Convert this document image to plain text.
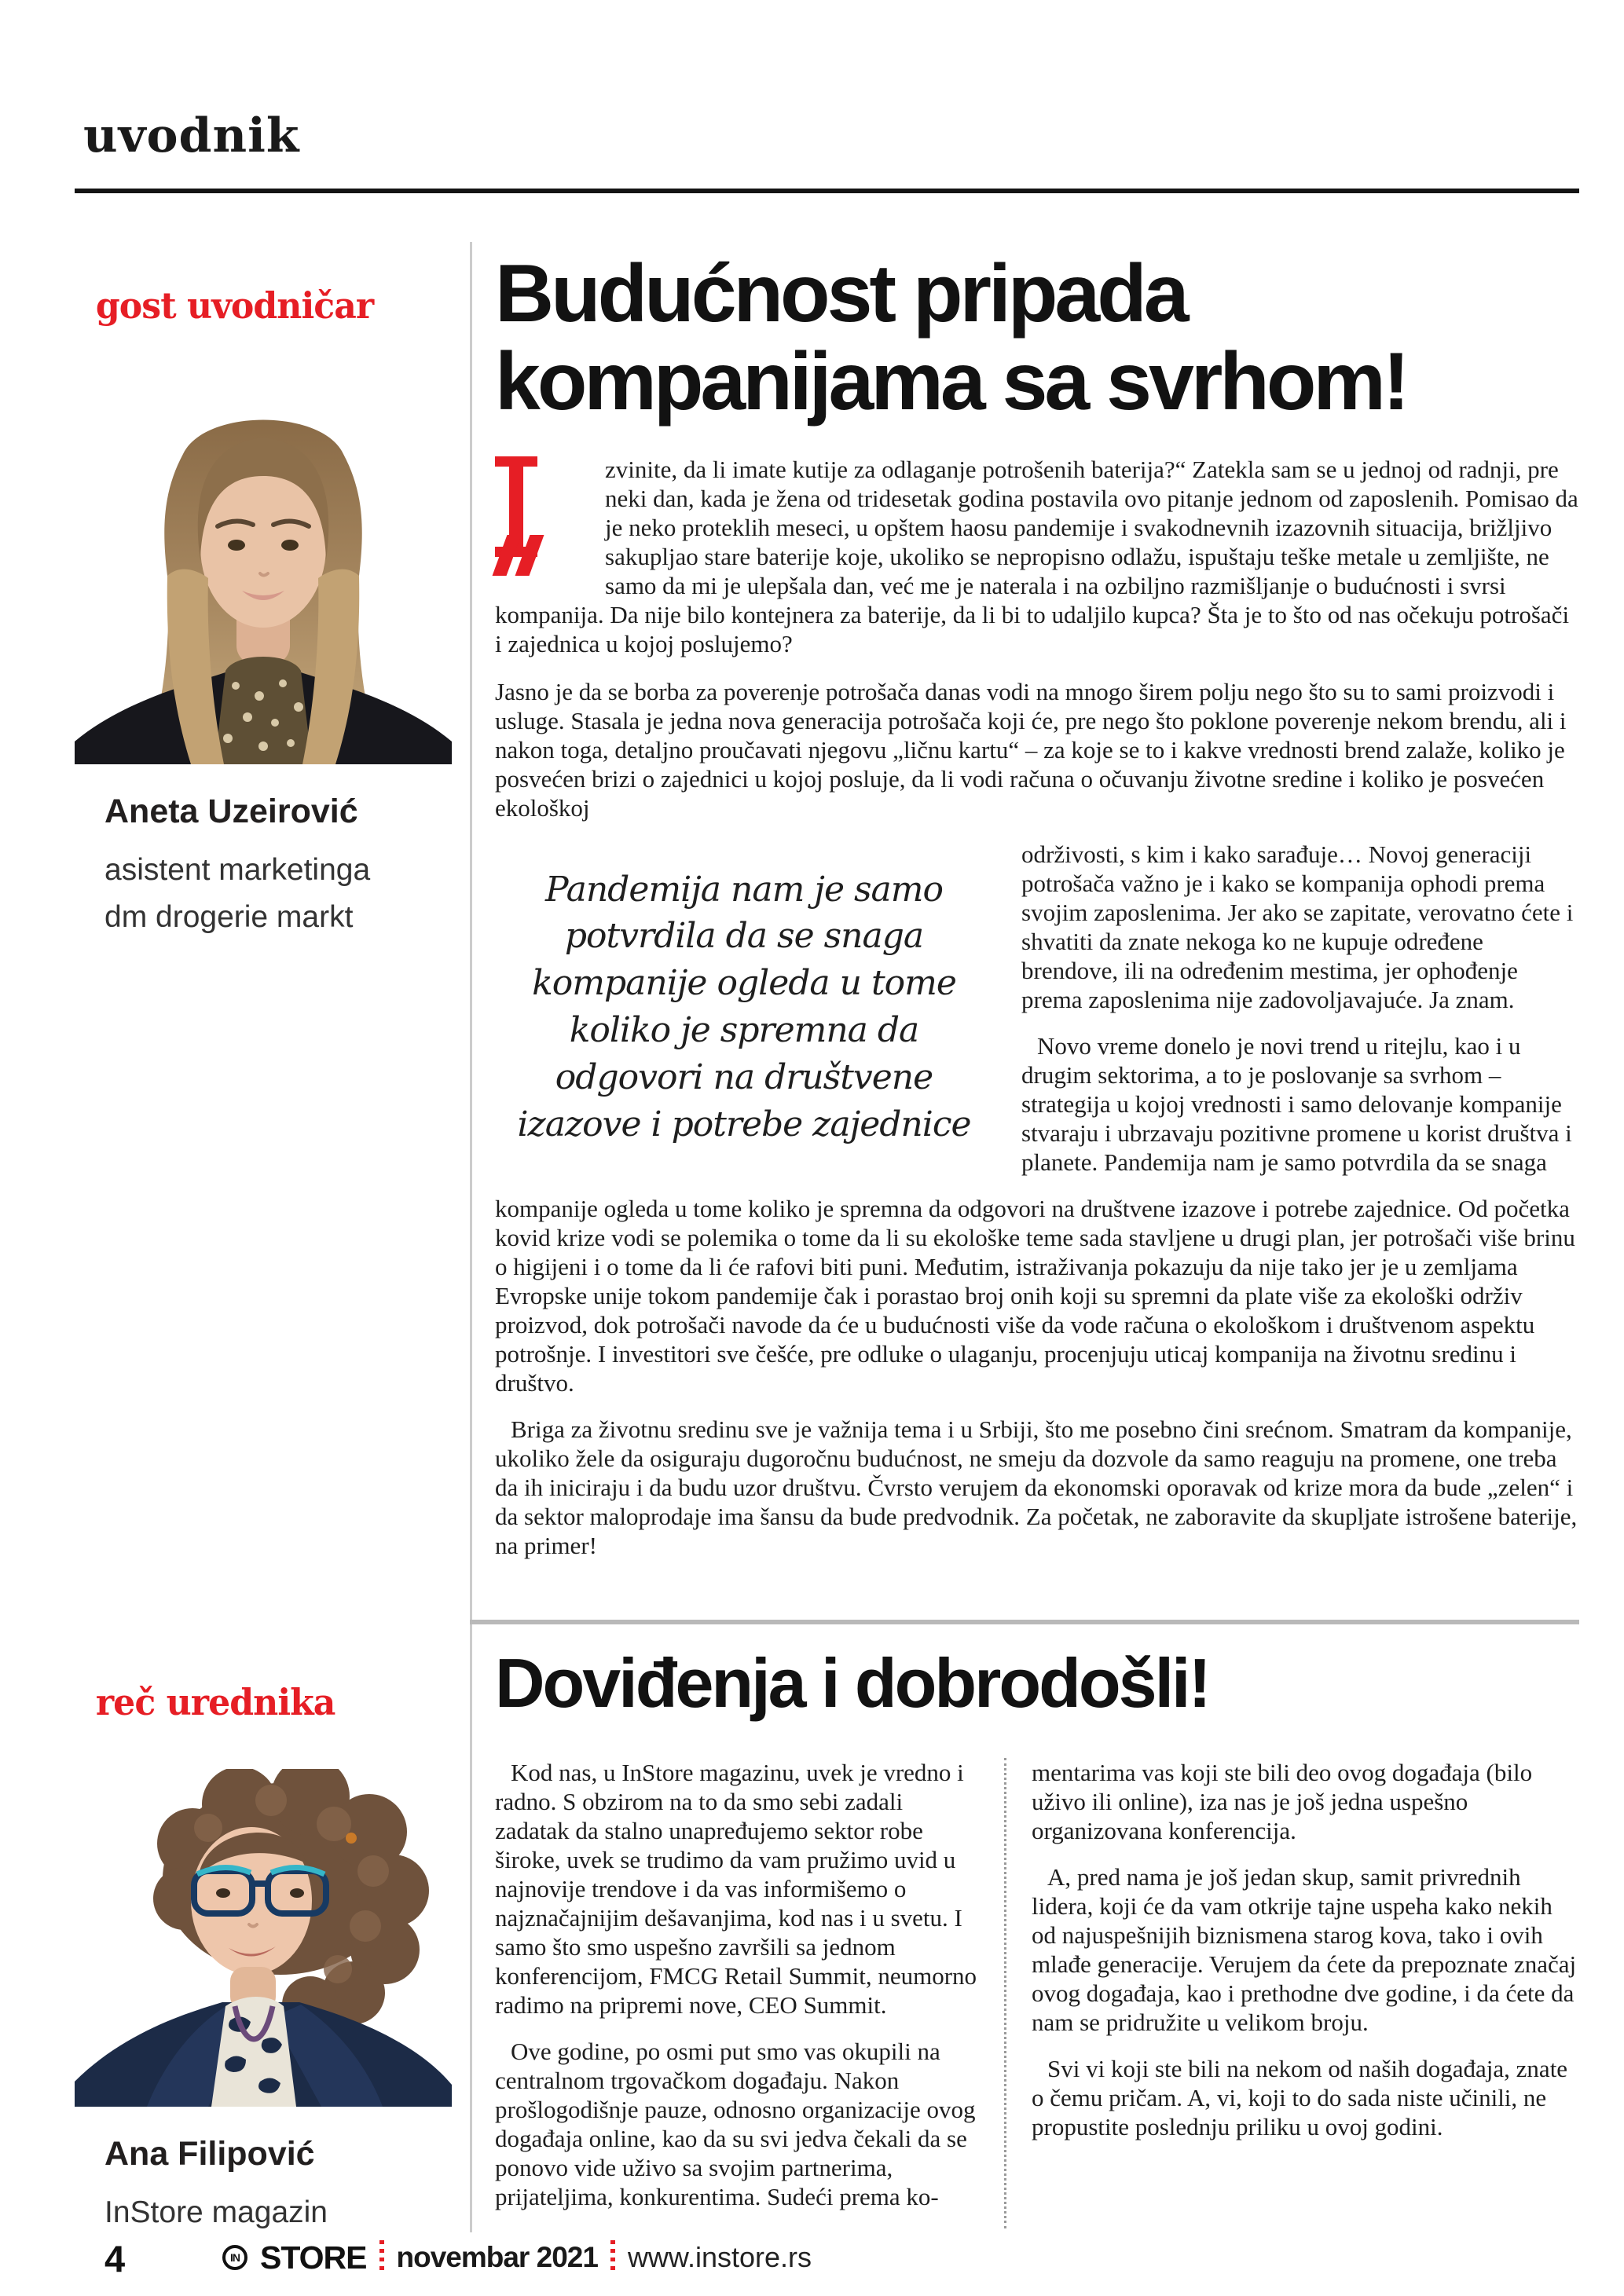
uvodnik
gost uvodničar
Aneta Uzeirović
asistent marketinga
dm drogerie markt
Budućnost pripada
kompanijama sa svrhom!

zvinite, da li imate kutije za odlaganje potrošenih baterija?“ Zatekla sam se u jednoj od radnji, pre neki dan, kada je žena od tridesetak godina postavila ovo pitanje jednom od zaposlenih. Pomisao da je neko proteklih meseci, u opštem haosu pandemije i svakodnevnih izazovnih situacija, brižljivo sakupljao stare baterije koje, ukoliko se nepropisno odlažu, ispuštaju teške metale u zemljište, ne samo da mi je ulepšala dan, već me je naterala i na ozbiljno razmišljanje o budućnosti i svrsi kompanija. Da nije bilo kontejnera za baterije, da li bi to udaljilo kupca? Šta je to što od nas očekuju potrošači i zajednica u kojoj poslujemo?

Jasno je da se borba za poverenje potrošača danas vodi na mnogo širem polju nego što su to sami proizvodi i usluge. Stasala je jedna nova generacija potrošača koji će, pre nego što poklone poverenje nekom brendu, ali i nakon toga, detaljno proučavati njegovu „ličnu kartu“ – za koje se to i kakve vrednosti brend zalaže, koliko je posvećen brizi o zajednici u kojoj posluje, da li vodi računa o očuvanju životne sredine i koliko je posvećen ekološkoj

Pandemija nam je samo potvrdila da se snaga kompanije ogleda u tome koliko je spremna da odgovori na društvene izazove i potrebe zajednice

održivosti, s kim i kako sarađuje… Novoj generaciji potrošača važno je i kako se kompanija ophodi prema svojim zaposlenima. Jer ako se zapitate, verovatno ćete i shvatiti da znate nekoga ko ne kupuje određene brendove, ili na određenim mestima, jer ophođenje prema zaposlenima nije zadovoljavajuće. Ja znam.

Novo vreme donelo je novi trend u ritejlu, kao i u drugim sektorima, a to je poslovanje sa svrhom – strategija u kojoj vrednosti i samo delovanje kompanije stvaraju i ubrzavaju pozitivne promene u korist društva i planete. Pandemija nam je samo potvrdila da se snaga

kompanije ogleda u tome koliko je spremna da odgovori na društvene izazove i potrebe zajednice. Od početka kovid krize vodi se polemika o tome da li su ekološke teme sada stavljene u drugi plan, jer potrošači više brinu o higijeni i o tome da li će rafovi biti puni. Međutim, istraživanja pokazuju da nije tako jer je u zemljama Evropske unije tokom pandemije čak i porastao broj onih koji su spremni da plate više za ekološki održiv proizvod, dok potrošači navode da će u budućnosti više da vode računa o ekološkom i društvenom aspektu potrošnje. I investitori sve češće, pre odluke o ulaganju, procenjuju uticaj kompanija na životnu sredinu i društvo.

Briga za životnu sredinu sve je važnija tema i u Srbiji, što me posebno čini srećnom. Smatram da kompanije, ukoliko žele da osiguraju dugoročnu budućnost, ne smeju da dozvole da samo reaguju na promene, one treba da ih iniciraju i da budu uzor društvu. Čvrsto verujem da ekonomski oporavak od krize mora da bude „zelen“ i da sektor maloprodaje ima šansu da bude predvodnik. Za početak, ne zaboravite da skupljate istrošene baterije, na primer!

reč urednika
Ana Filipović
InStore magazin
Doviđenja i dobrodošli!

Kod nas, u InStore magazinu, uvek je vredno i radno. S obzirom na to da smo sebi zadali zadatak da stalno unapređujemo sektor robe široke, uvek se trudimo da vam pružimo uvid u najnovije trendove i da vas informišemo o najznačajnijim dešavanjima, kod nas i u svetu. I samo što smo uspešno završili sa jednom konferencijom, FMCG Retail Summit, neumorno radimo na pripremi nove, CEO Summit.

Ove godine, po osmi put smo vas okupili na centralnom trgovačkom događaju. Nakon prošlogodišnje pauze, odnosno organizacije ovog događaja online, kao da su svi jedva čekali da se ponovo vide uživo sa svojim partnerima, prijateljima, konkurentima. Sudeći prema ko-

mentarima vas koji ste bili deo ovog događaja (bilo uživo ili online), iza nas je još jedna uspešno organizovana konferencija.

A, pred nama je još jedan skup, samit privrednih lidera, koji će da vam otkrije tajne uspeha kako nekih od najuspešnijih biznismena starog kova, tako i ovih mlađe generacije. Verujem da ćete da prepoznate značaj ovog događaja, kao i prethodne dve godine, i da ćete da nam se pridružite u velikom broju.

Svi vi koji ste bili na nekom od naših događaja, znate o čemu pričam. A, vi, koji to do sada niste učinili, ne propustite poslednju priliku u ovoj godini.

4	IN STORE novembar 2021 www.instore.rs
